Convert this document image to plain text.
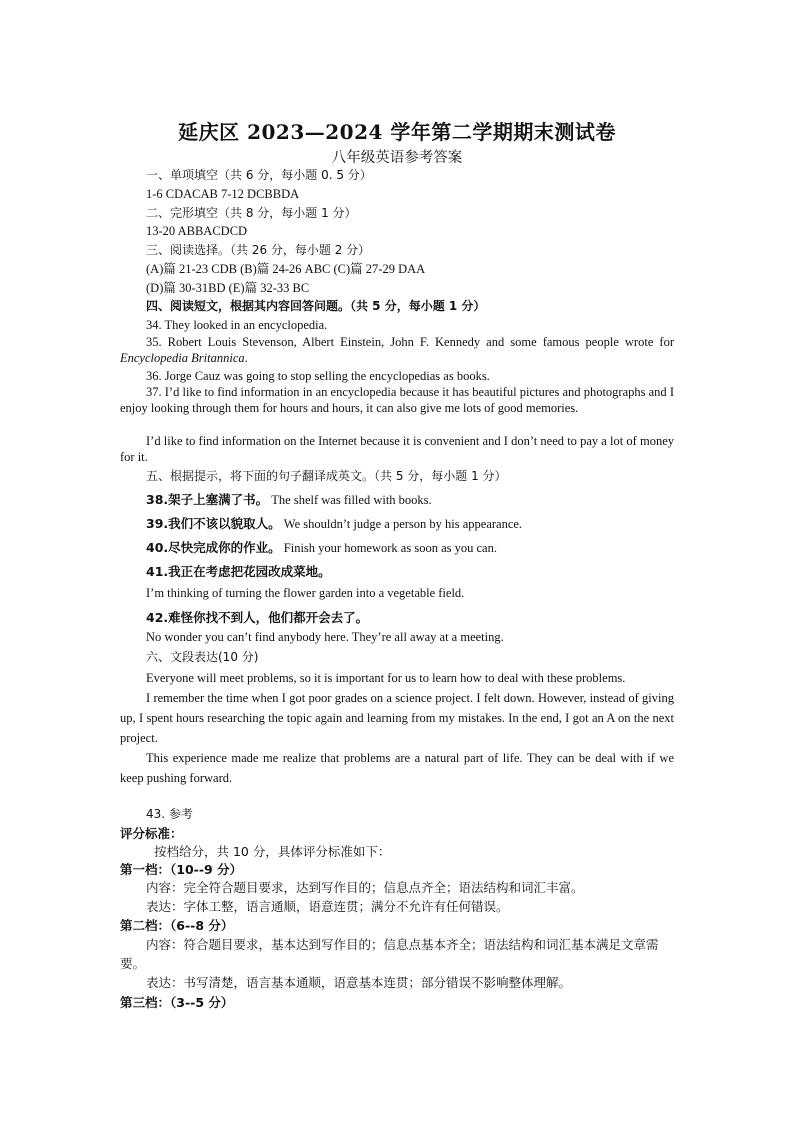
延庆区 2023—2024 学年第二学期期末测试卷
八年级英语参考答案
一、单项填空（共 6 分，每小题 0. 5 分）
1-6 CDACAB 7-12 DCBBDA
二、完形填空（共 8 分，每小题 1 分）
13-20 ABBACDCD
三、阅读选择。（共 26 分，每小题 2 分）
(A)篇 21-23 CDB (B)篇 24-26 ABC (C)篇 27-29 DAA
(D)篇 30-31BD (E)篇 32-33 BC
四、阅读短文，根据其内容回答问题。（共 5 分，每小题 1 分）
34. They looked in an encyclopedia.
35. Robert Louis Stevenson, Albert Einstein, John F. Kennedy and some famous people wrote for Encyclopedia Britannica.
36. Jorge Cauz was going to stop selling the encyclopedias as books.
37. I’d like to find information in an encyclopedia because it has beautiful pictures and photographs and I enjoy looking through them for hours and hours, it can also give me lots of good memories.
I’d like to find information on the Internet because it is convenient and I don’t need to pay a lot of money for it.
五、根据提示，将下面的句子翻译成英文。（共 5 分，每小题 1 分）
38.架子上塞满了书。 The shelf was filled with books.
39.我们不该以貌取人。 We shouldn’t judge a person by his appearance.
40.尽快完成你的作业。 Finish your homework as soon as you can.
41.我正在考虑把花园改成菜地。
I’m thinking of turning the flower garden into a vegetable field.
42.难怪你找不到人，他们都开会去了。
No wonder you can’t find anybody here. They’re all away at a meeting.
六、文段表达(10 分)
Everyone will meet problems, so it is important for us to learn how to deal with these problems.
I remember the time when I got poor grades on a science project. I felt down. However, instead of giving up, I spent hours researching the topic again and learning from my mistakes. In the end, I got an A on the next project.
This experience made me realize that problems are a natural part of life. They can be deal with if we keep pushing forward.
43. 参考
评分标准：
按档给分，共 10 分，具体评分标准如下：
第一档：（10--9 分）
内容：完全符合题目要求，达到写作目的；信息点齐全；语法结构和词汇丰富。
表达：字体工整，语言通顺，语意连贯；满分不允许有任何错误。
第二档：（6--8 分）
内容：符合题目要求，基本达到写作目的；信息点基本齐全；语法结构和词汇基本满足文章需要。
表达：书写清楚，语言基本通顺，语意基本连贯；部分错误不影响整体理解。
第三档：（3--5 分）
